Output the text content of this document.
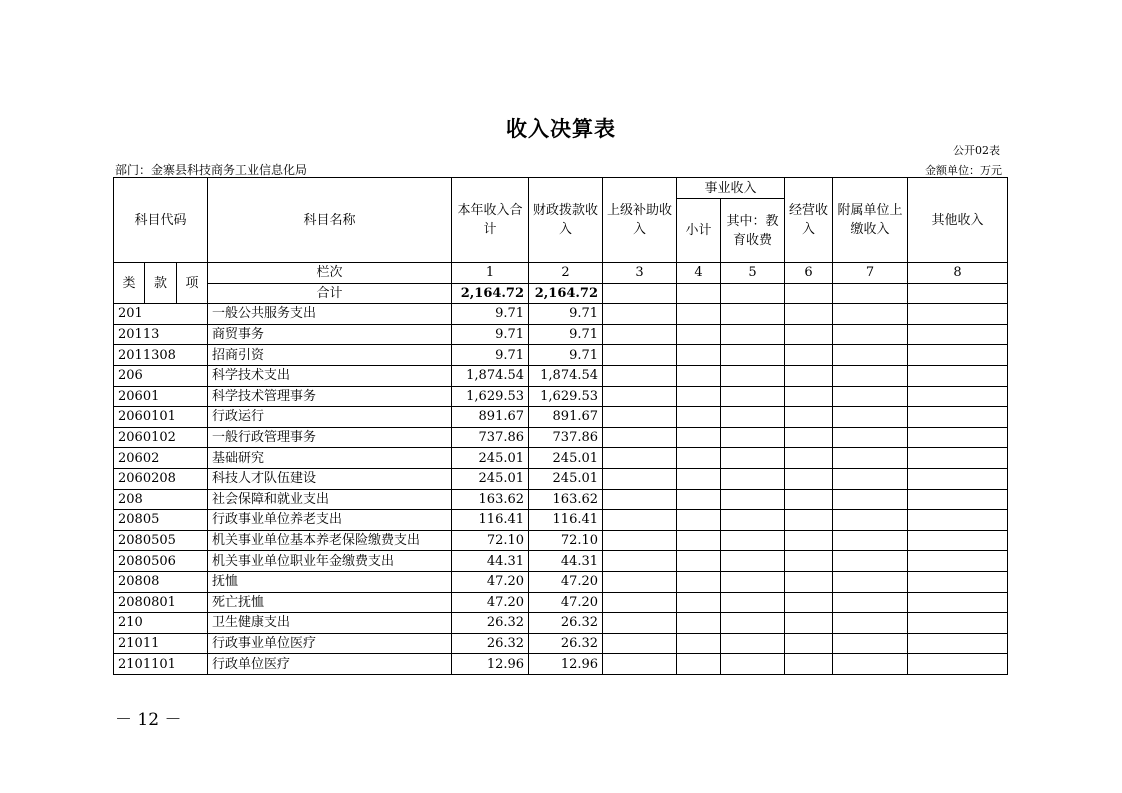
收入决算表
公开02表
部门：金寨县科技商务工业信息化局	金额单位：万元
科目代码			科目名称	本年收入合计	财政拨款收入	上级补助收入	事业收入		经营收入	附属单位上缴收入	其他收入
							小计	其中：教育收费			
类	款	项	栏次	1	2	3	4	5	6	7	8
			合计	2,164.72	2,164.72						
201			一般公共服务支出	9.71	9.71						
20113			商贸事务	9.71	9.71						
2011308			招商引资	9.71	9.71						
206			科学技术支出	1,874.54	1,874.54						
20601			科学技术管理事务	1,629.53	1,629.53						
2060101			行政运行	891.67	891.67						
2060102			一般行政管理事务	737.86	737.86						
20602			基础研究	245.01	245.01						
2060208			科技人才队伍建设	245.01	245.01						
208			社会保障和就业支出	163.62	163.62						
20805			行政事业单位养老支出	116.41	116.41						
2080505			机关事业单位基本养老保险缴费支出	72.10	72.10						
2080506			机关事业单位职业年金缴费支出	44.31	44.31						
20808			抚恤	47.20	47.20						
2080801			死亡抚恤	47.20	47.20						
210			卫生健康支出	26.32	26.32						
21011			行政事业单位医疗	26.32	26.32						
2101101			行政单位医疗	12.96	12.96						
－ 12 －
